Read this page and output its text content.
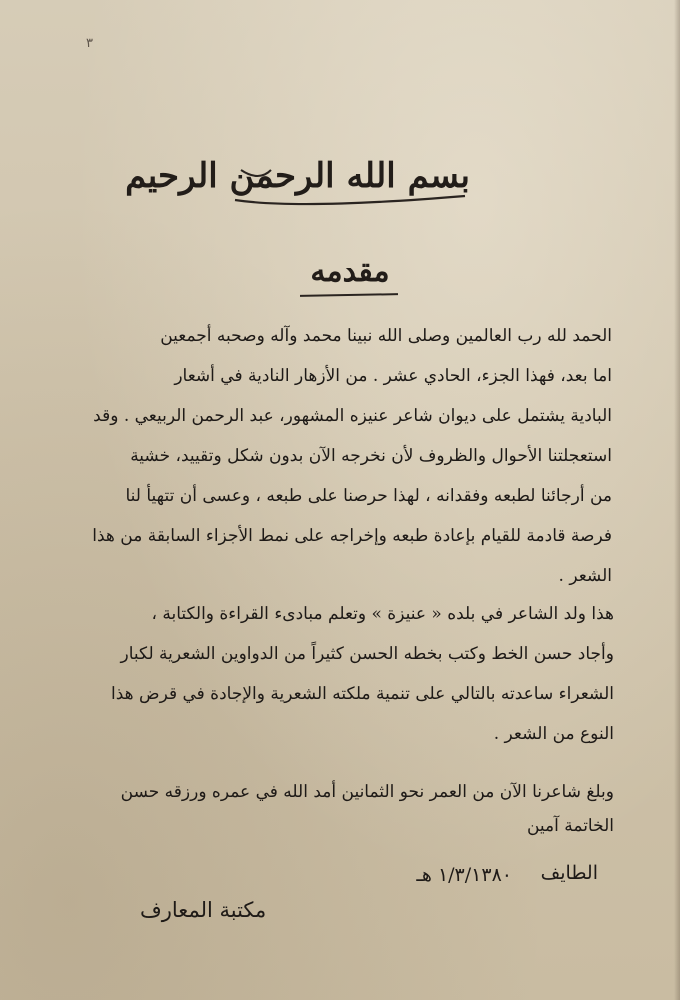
٣
بسم الله الرحمن الرحيم
مقدمه
الحمد لله رب العالمين وصلى الله نبينا محمد وآله وصحبه أجمعين
اما بعد، فهذا الجزء، الحادي عشر . من الأزهار النادية في أشعار
البادية يشتمل على ديوان شاعر عنيزه المشهور، عبد الرحمن الربيعي . وقد
استعجلتنا الأحوال والظروف لأن نخرجه الآن بدون شكل وتقييد، خشية
من أرجائنا لطبعه وفقدانه ، لهذا حرصنا على طبعه ، وعسى أن تتهيأ لنا
فرصة قادمة للقيام بإعادة طبعه وإخراجه على نمط الأجزاء السابقة من هذا
الشعر .
هذا ولد الشاعر في بلده « عنيزة » وتعلم مبادىء القراءة والكتابة ،
وأجاد حسن الخط وكتب بخطه الحسن كثيراً من الدواوين الشعرية لكبار
الشعراء ساعدته بالتالي على تنمية ملكته الشعرية والإجادة في قرض هذا
النوع من الشعر .
وبلغ شاعرنا الآن من العمر نحو الثمانين أمد الله في عمره ورزقه حسن
الخاتمة آمين
الطايف
١/٣/١٣٨٠ هـ
مكتبة المعارف
